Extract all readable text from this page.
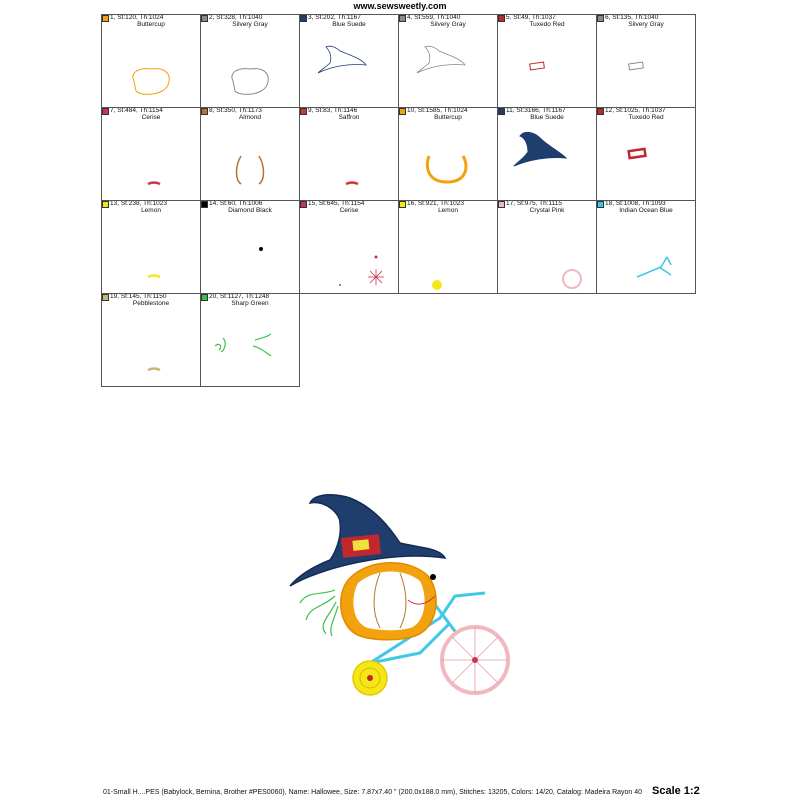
www.sewsweetly.com
1, St:120, Th:1024
Buttercup
2, St:328, Th:1040
Silvery Gray
3, St:202, Th:1167
Blue Suede
4, St:559, Th:1040
Silvery Gray
5, St:49, Th:1037
Tuxedo Red
6, St:135, Th:1040
Silvery Gray
7, St:484, Th:1154
Cerise
8, St:350, Th:1173
Almond
9, St:83, Th:1146
Saffron
10, St:1585, Th:1024
Buttercup
11, St:3166, Th:1167
Blue Suede
12, St:1025, Th:1037
Tuxedo Red
13, St:238, Th:1023
Lemon
14, St:60, Th:1006
Diamond Black
15, St:645, Th:1154
Cerise
16, St:921, Th:1023
Lemon
17, St:975, Th:1115
Crystal Pink
18, St:1008, Th:1093
Indian Ocean Blue
19, St:145, Th:1150
Pebblestone
20, St:1127, Th:1248
Sharp Green
01-Small H....PES (Babylock, Bernina, Brother #PES0060), Name: Hallowee, Size: 7.87x7.40 " (200.0x188.0 mm), Stitches: 13205, Colors: 14/20, Catalog: Madeira Rayon 40 Scale 1:2
